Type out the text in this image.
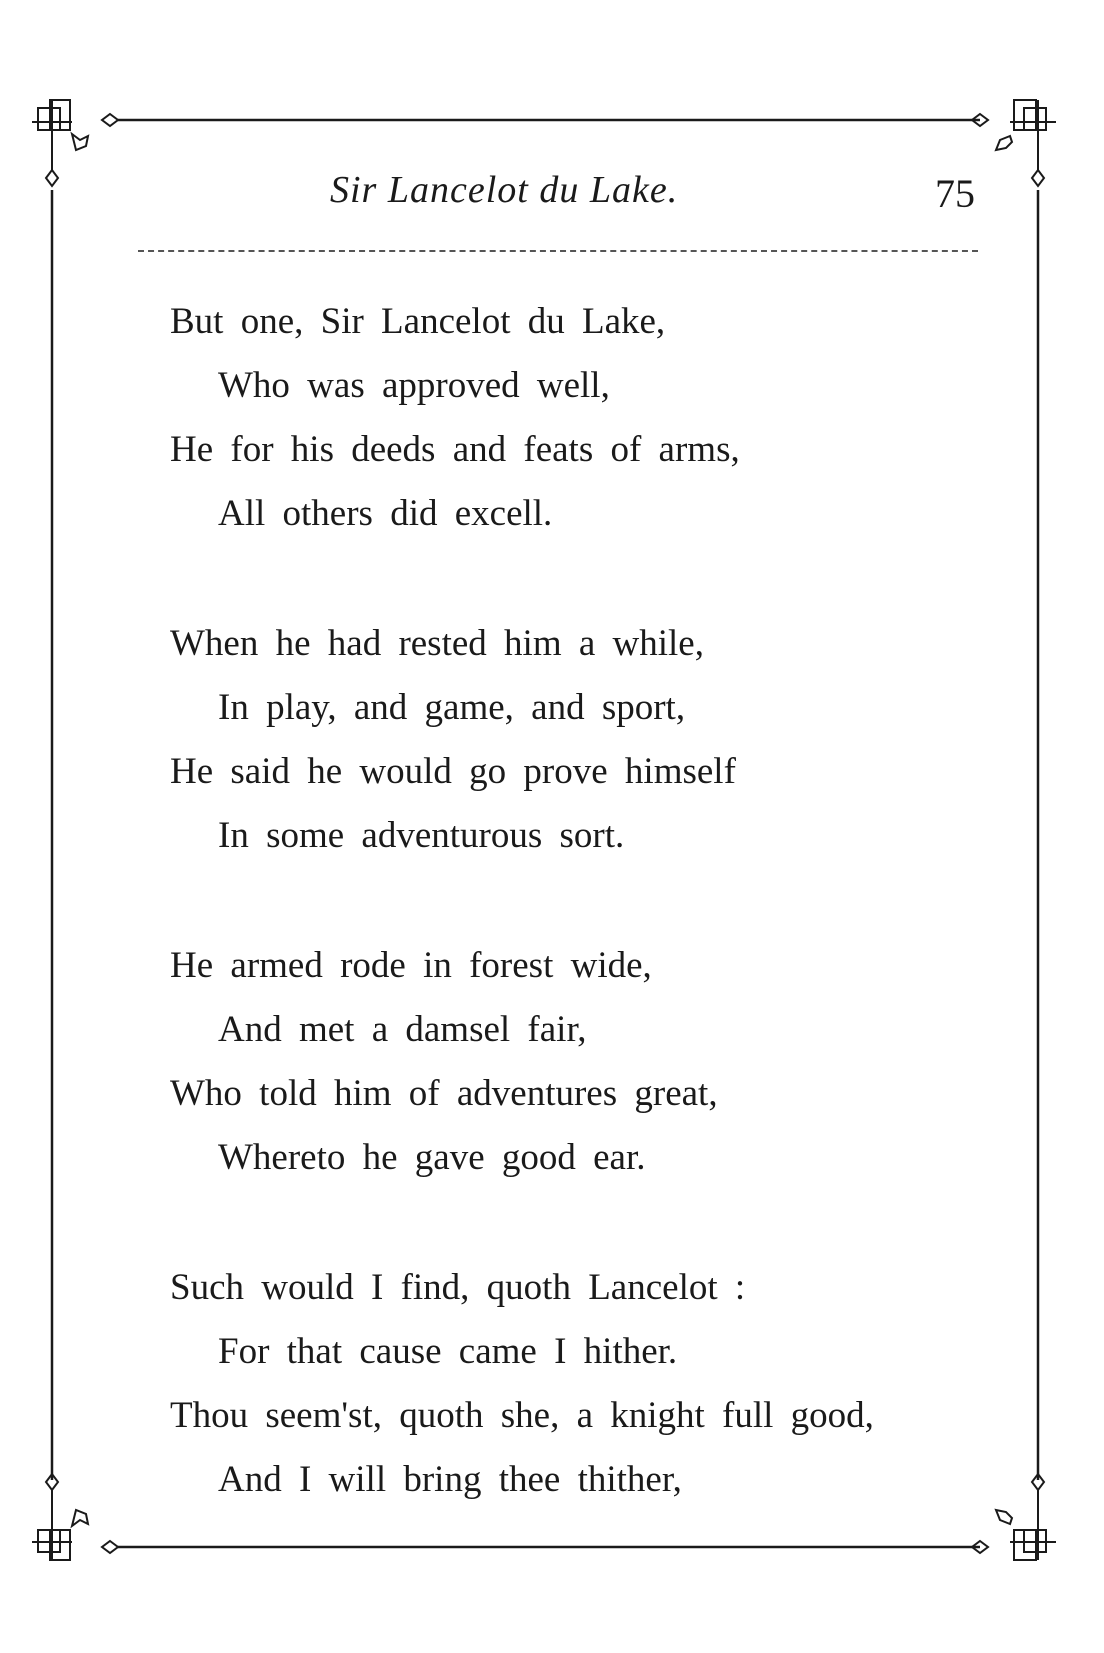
Sir Lancelot du Lake.	75
But one, Sir Lancelot du Lake,
Who was approved well,
He for his deeds and feats of arms,
All others did excell.
When he had rested him a while,
In play, and game, and sport,
He said he would go prove himself
In some adventurous sort.
He armed rode in forest wide,
And met a damsel fair,
Who told him of adventures great,
Whereto he gave good ear.
Such would I find, quoth Lancelot :
For that cause came I hither.
Thou seem'st, quoth she, a knight full good,
And I will bring thee thither,
